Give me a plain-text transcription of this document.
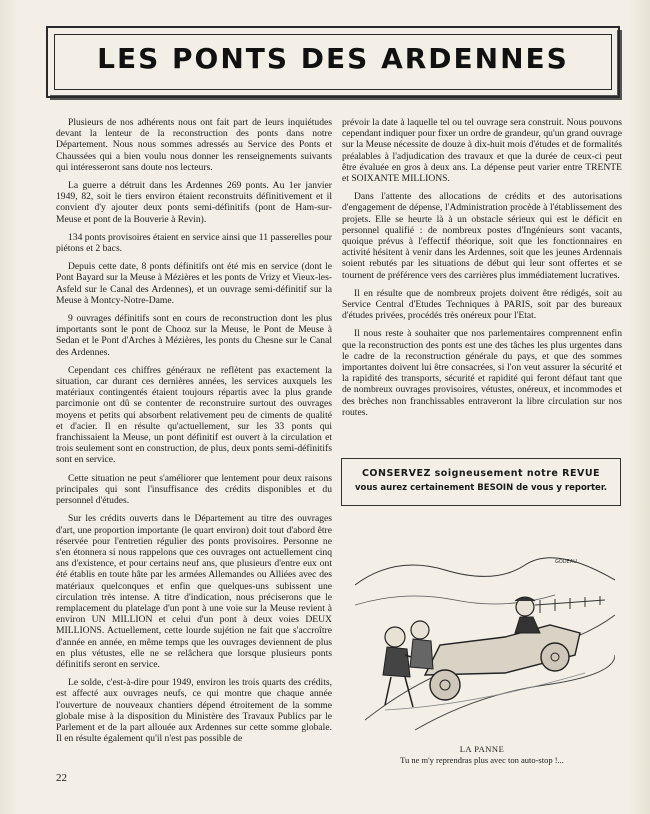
LES PONTS DES ARDENNES

Plusieurs de nos adhérents nous ont fait part de leurs inquiétudes devant la lenteur de la reconstruction des ponts dans notre Département. Nous nous sommes adressés au Service des Ponts et Chaussées qui a bien voulu nous donner les renseignements suivants qui intéresseront sans doute nos lecteurs.

La guerre a détruit dans les Ardennes 269 ponts. Au 1er janvier 1949, 82, soit le tiers environ étaient reconstruits définitivement et il convient d'y ajouter deux ponts semi-définitifs (pont de Ham-sur-Meuse et pont de la Bouverie à Revin).

134 ponts provisoires étaient en service ainsi que 11 passerelles pour piétons et 2 bacs.

Depuis cette date, 8 ponts définitifs ont été mis en service (dont le Pont Bayard sur la Meuse à Mézières et les ponts de Vrizy et Vieux-les-Asfeld sur le Canal des Ardennes), et un ouvrage semi-définitif sur la Meuse à Montcy-Notre-Dame.

9 ouvrages définitifs sont en cours de reconstruction dont les plus importants sont le pont de Chooz sur la Meuse, le Pont de Meuse à Sedan et le Pont d'Arches à Mézières, les ponts du Chesne sur le Canal des Ardennes.

Cependant ces chiffres généraux ne reflètent pas exactement la situation, car durant ces dernières années, les services auxquels les matériaux contingentés étaient toujours répartis avec la plus grande parcimonie ont dû se contenter de reconstruire surtout des ouvrages moyens et petits qui absorbent relativement peu de ciments de qualité et d'acier. Il en résulte qu'actuellement, sur les 33 ponts qui franchissaient la Meuse, un pont définitif est ouvert à la circulation et trois seulement sont en construction, de plus, deux ponts semi-définitifs sont en service.

Cette situation ne peut s'améliorer que lentement pour deux raisons principales qui sont l'insuffisance des crédits disponibles et du personnel d'études.

Sur les crédits ouverts dans le Département au titre des ouvrages d'art, une proportion importante (le quart environ) doit tout d'abord être réservée pour l'entretien régulier des ponts provisoires. Personne ne s'en étonnera si nous rappelons que ces ouvrages ont actuellement cinq ans d'existence, et pour certains neuf ans, que plusieurs d'entre eux ont été établis en toute hâte par les armées Allemandes ou Alliées avec des matériaux quelconques et enfin que quelques-uns subissent une circulation très intense. A titre d'indication, nous préciserons que le remplacement du platelage d'un pont à une voie sur la Meuse revient à environ UN MILLION et celui d'un pont à deux voies DEUX MILLIONS. Actuellement, cette lourde sujétion ne fait que s'accroître d'année en année, en même temps que les ouvrages deviennent de plus en plus vétustes, elle ne se relâchera que lorsque plusieurs ponts définitifs seront en service.

Le solde, c'est-à-dire pour 1949, environ les trois quarts des crédits, est affecté aux ouvrages neufs, ce qui montre que chaque année l'ouverture de nouveaux chantiers dépend étroitement de la somme globale mise à la disposition du Ministère des Travaux Publics par le Parlement et de la part allouée aux Ardennes sur cette somme globale. Il en résulte également qu'il n'est pas possible de

prévoir la date à laquelle tel ou tel ouvrage sera construit. Nous pouvons cependant indiquer pour fixer un ordre de grandeur, qu'un grand ouvrage sur la Meuse nécessite de douze à dix-huit mois d'études et de formalités préalables à l'adjudication des travaux et que la durée de ceux-ci peut être évaluée en gros à deux ans. La dépense peut varier entre TRENTE et SOIXANTE MILLIONS.

Dans l'attente des allocations de crédits et des autorisations d'engagement de dépense, l'Administration procède à l'établissement des projets. Elle se heurte là à un obstacle sérieux qui est le déficit en personnel qualifié : de nombreux postes d'Ingénieurs sont vacants, quoique prévus à l'effectif théorique, soit que les fonctionnaires en activité hésitent à venir dans les Ardennes, soit que les jeunes Ardennais soient rebutés par les situations de début qui leur sont offertes et se tournent de préférence vers des carrières plus immédiatement lucratives.

Il en résulte que de nombreux projets doivent être rédigés, soit au Service Central d'Etudes Techniques à PARIS, soit par des bureaux d'études privées, procédés très onéreux pour l'Etat.

Il nous reste à souhaiter que nos parlementaires comprennent enfin que la reconstruction des ponts est une des tâches les plus urgentes dans le cadre de la reconstruction générale du pays, et que des sommes importantes doivent lui être consacrées, si l'on veut assurer la sécurité et la rapidité des transports, sécurité et rapidité qui feront défaut tant que de nombreux ouvrages provisoires, vétustes, onéreux, et incommodes et des brèches non franchissables entraveront la libre circulation sur nos routes.

CONSERVEZ soigneusement notre REVUE
vous aurez certainement BESOIN de vous y reporter.
GODEAU
LA PANNE
Tu ne m'y reprendras plus avec ton auto-stop !...
22
